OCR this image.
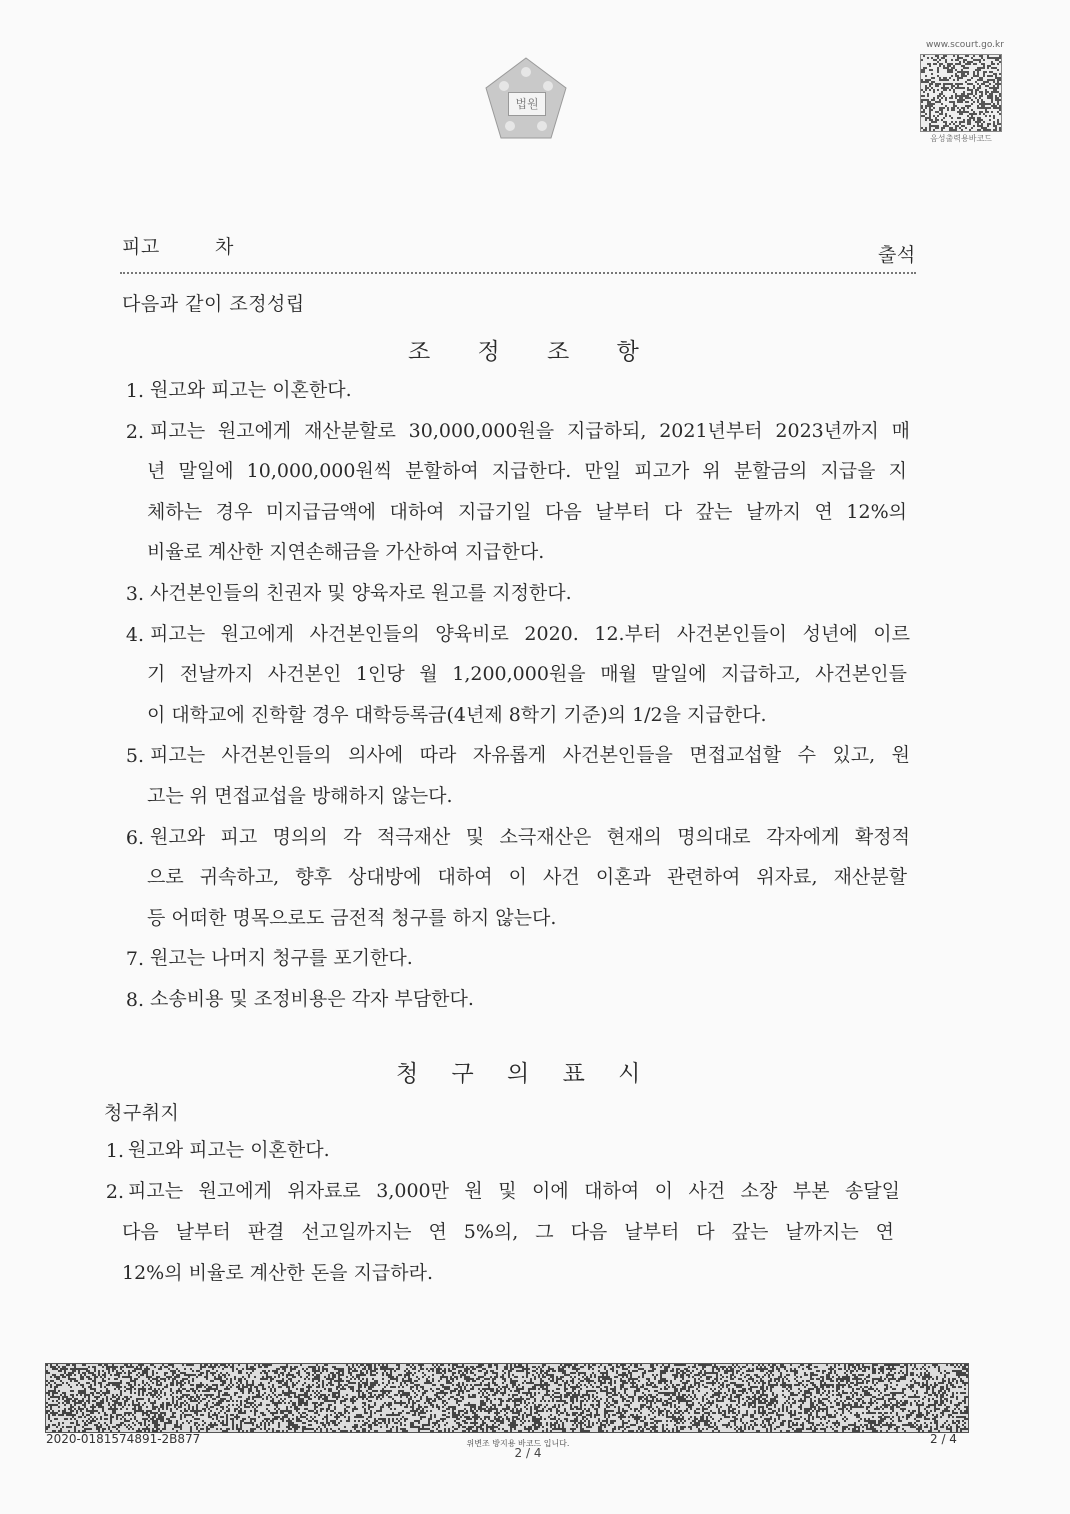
법원
www.scourt.go.kr
음성출력용바코드
피고	차	출석
다음과 같이 조정성립
조 정 조 항
1. 원고와 피고는 이혼한다.
2. 피고는 원고에게 재산분할로 30,000,000원을 지급하되, 2021년부터 2023년까지 매
년 말일에 10,000,000원씩 분할하여 지급한다. 만일 피고가 위 분할금의 지급을 지
체하는 경우 미지급금액에 대하여 지급기일 다음 날부터 다 갚는 날까지 연 12%의
비율로 계산한 지연손해금을 가산하여 지급한다.
3. 사건본인들의 친권자 및 양육자로 원고를 지정한다.
4. 피고는 원고에게 사건본인들의 양육비로 2020. 12.부터 사건본인들이 성년에 이르
기 전날까지 사건본인 1인당 월 1,200,000원을 매월 말일에 지급하고, 사건본인들
이 대학교에 진학할 경우 대학등록금(4년제 8학기 기준)의 1/2을 지급한다.
5. 피고는 사건본인들의 의사에 따라 자유롭게 사건본인들을 면접교섭할 수 있고, 원
고는 위 면접교섭을 방해하지 않는다.
6. 원고와 피고 명의의 각 적극재산 및 소극재산은 현재의 명의대로 각자에게 확정적
으로 귀속하고, 향후 상대방에 대하여 이 사건 이혼과 관련하여 위자료, 재산분할
등 어떠한 명목으로도 금전적 청구를 하지 않는다.
7. 원고는 나머지 청구를 포기한다.
8. 소송비용 및 조정비용은 각자 부담한다.
청 구 의 표 시
청구취지
1. 원고와 피고는 이혼한다.
2. 피고는 원고에게 위자료로 3,000만 원 및 이에 대하여 이 사건 소장 부본 송달일
다음 날부터 판결 선고일까지는 연 5%의, 그 다음 날부터 다 갚는 날까지는 연
12%의 비율로 계산한 돈을 지급하라.
2020-0181574891-2B877	위변조 방지용 바코드 입니다.
2 / 4
2 / 4
